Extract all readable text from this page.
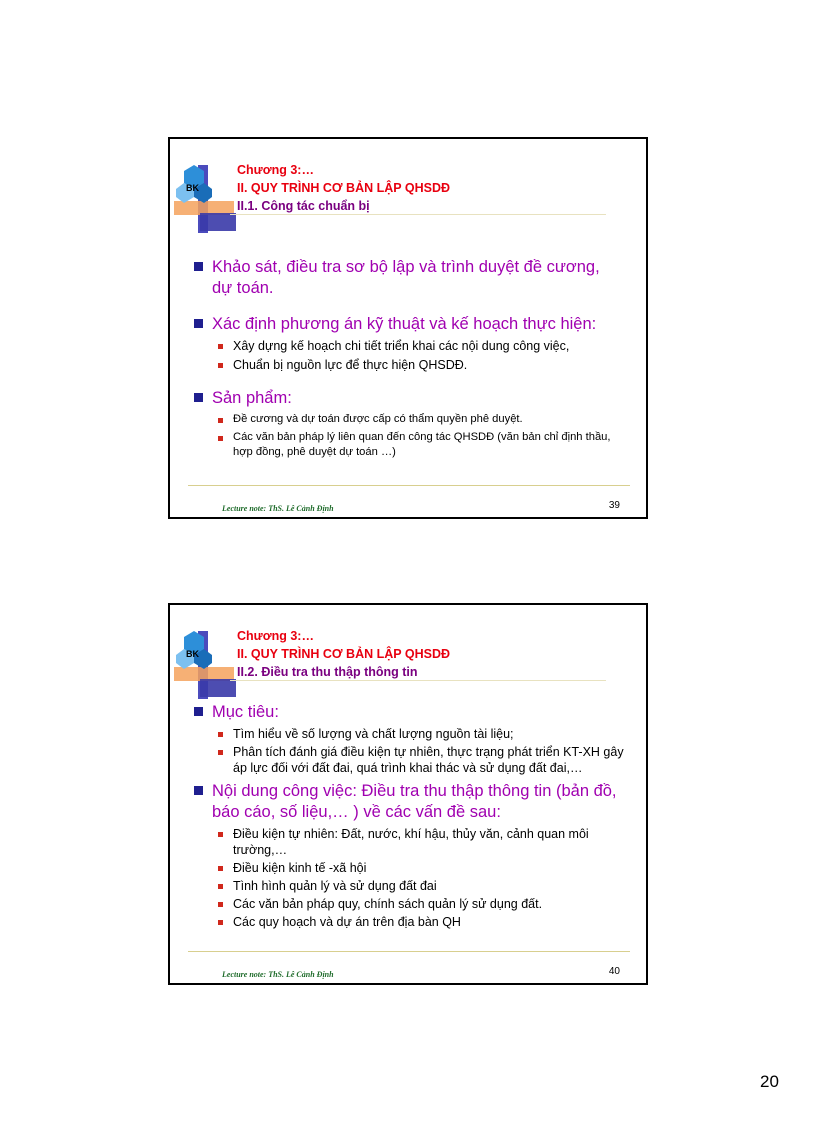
BK
Chương 3:…
II. QUY TRÌNH CƠ BẢN LẬP QHSDĐ
II.1. Công tác chuẩn bị
Khảo sát, điều tra sơ bộ lập và trình duyệt đề cương, dự toán.
Xác định phương án kỹ thuật và kế hoạch thực hiện:
Xây dựng kế hoạch chi tiết triển khai các nội dung công việc,
Chuẩn bị nguồn lực để thực hiện QHSDĐ.
Sản phẩm:
Đề cương và dự toán được cấp có thẩm quyền phê duyệt.
Các văn bản pháp lý liên quan đến công tác QHSDĐ (văn bản chỉ định thầu, hợp đồng, phê duyệt dự toán …)
Lecture note: ThS. Lê Cảnh Định	39
BK
Chương 3:…
II. QUY TRÌNH CƠ BẢN LẬP QHSDĐ
II.2. Điều tra thu thập thông tin
Mục tiêu:
Tìm hiểu về số lượng và chất lượng nguồn tài liệu;
Phân tích đánh giá điều kiện tự nhiên, thực trạng phát triển KT-XH gây áp lực đối với đất đai, quá trình khai thác và sử dụng đất đai,…
Nội dung công việc: Điều tra thu thập thông tin (bản đồ, báo cáo, số liệu,… ) về các vấn đề sau:
Điều kiện tự nhiên: Đất, nước, khí hậu, thủy văn, cảnh quan môi trường,…
Điều kiện kinh tế -xã hội
Tình hình quản lý và sử dụng đất đai
Các văn bản pháp quy, chính sách quản lý sử dụng đất.
Các quy hoạch và dự án trên địa bàn QH
Lecture note: ThS. Lê Cảnh Định	40
20
